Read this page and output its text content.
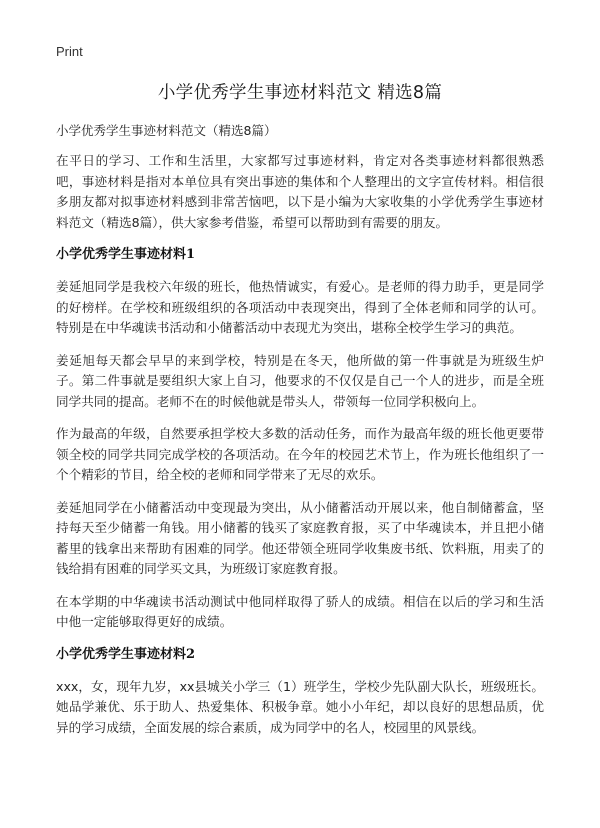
Print
小学优秀学生事迹材料范文 精选8篇

小学优秀学生事迹材料范文（精选8篇）

在平日的学习、工作和生活里，大家都写过事迹材料，肯定对各类事迹材料都很熟悉吧，事迹材料是指对本单位具有突出事迹的集体和个人整理出的文字宣传材料。相信很多朋友都对拟事迹材料感到非常苦恼吧，以下是小编为大家收集的小学优秀学生事迹材料范文（精选8篇），供大家参考借鉴，希望可以帮助到有需要的朋友。

小学优秀学生事迹材料1

姜延旭同学是我校六年级的班长，他热情诚实，有爱心。是老师的得力助手，更是同学的好榜样。在学校和班级组织的各项活动中表现突出，得到了全体老师和同学的认可。特别是在中华魂读书活动和小储蓄活动中表现尤为突出，堪称全校学生学习的典范。

姜延旭每天都会早早的来到学校，特别是在冬天，他所做的第一件事就是为班级生炉子。第二件事就是要组织大家上自习，他要求的不仅仅是自己一个人的进步，而是全班同学共同的提高。老师不在的时候他就是带头人，带领每一位同学积极向上。

作为最高的年级，自然要承担学校大多数的活动任务，而作为最高年级的班长他更要带领全校的同学共同完成学校的各项活动。在今年的校园艺术节上，作为班长他组织了一个个精彩的节目，给全校的老师和同学带来了无尽的欢乐。

姜延旭同学在小储蓄活动中变现最为突出，从小储蓄活动开展以来，他自制储蓄盒，坚持每天至少储蓄一角钱。用小储蓄的钱买了家庭教育报，买了中华魂读本，并且把小储蓄里的钱拿出来帮助有困难的同学。他还带领全班同学收集废书纸、饮料瓶，用卖了的钱给捐有困难的同学买文具，为班级订家庭教育报。

在本学期的中华魂读书活动测试中他同样取得了骄人的成绩。相信在以后的学习和生活中他一定能够取得更好的成绩。

小学优秀学生事迹材料2

xxx，女，现年九岁，xx县城关小学三（1）班学生，学校少先队副大队长，班级班长。她品学兼优、乐于助人、热爱集体、积极争章。她小小年纪，却以良好的思想品质，优异的学习成绩，全面发展的综合素质，成为同学中的名人，校园里的风景线。
